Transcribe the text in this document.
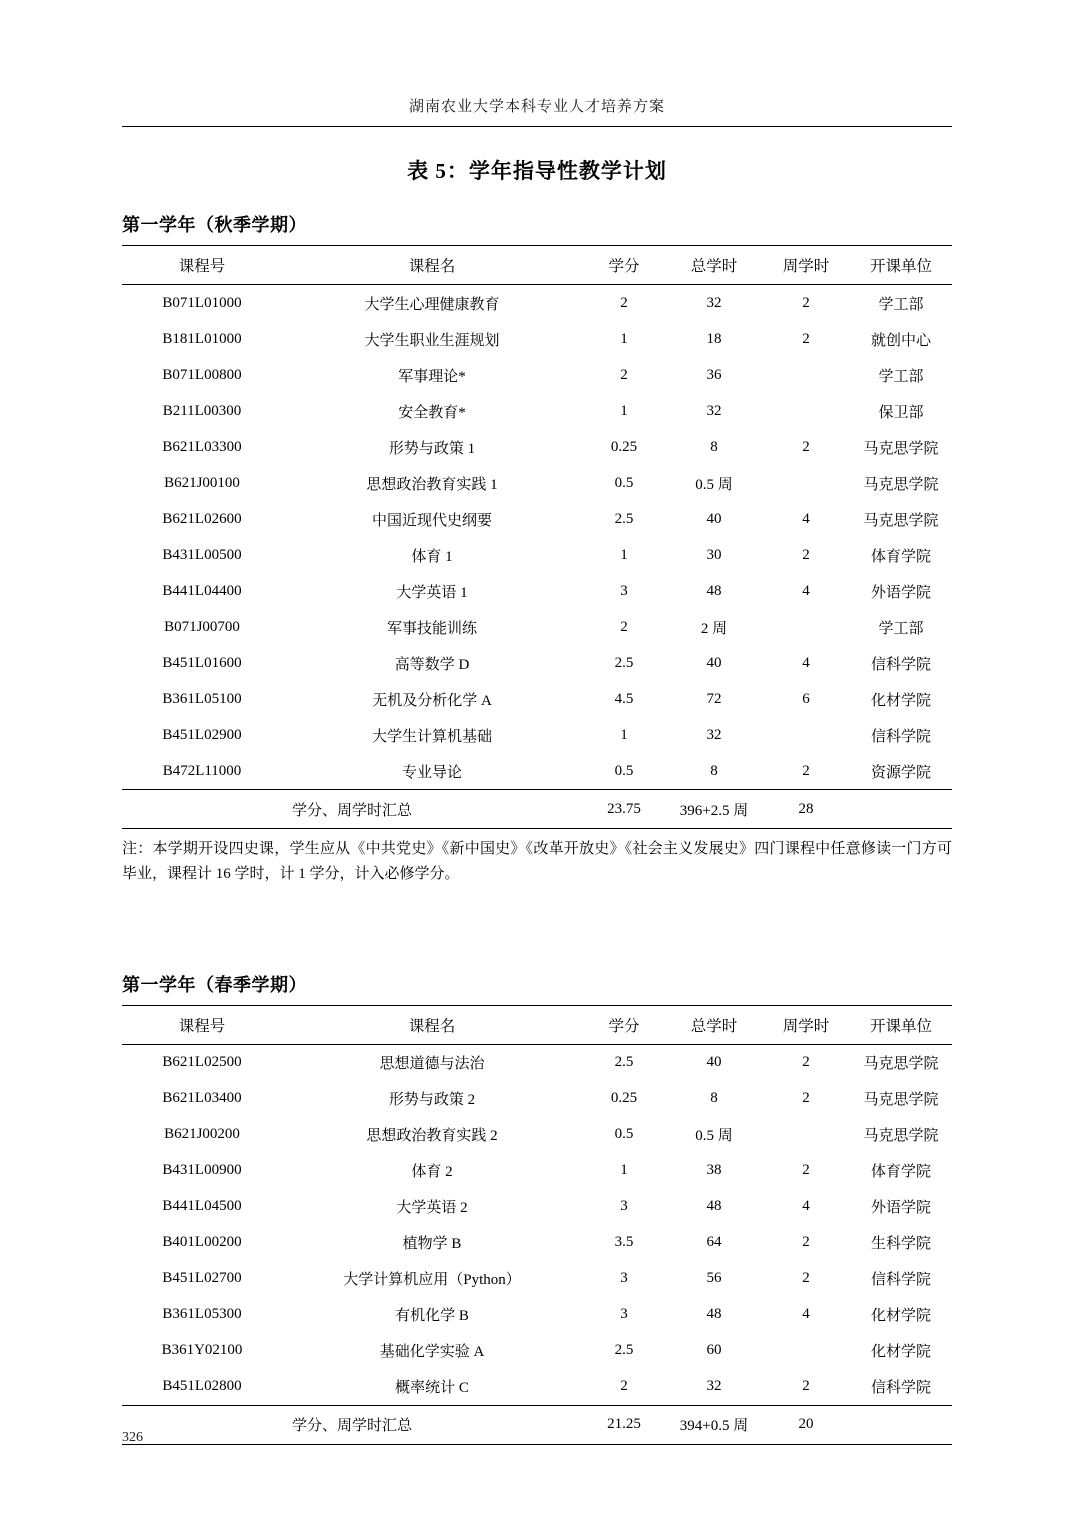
湖南农业大学本科专业人才培养方案
表 5：学年指导性教学计划
第一学年（秋季学期）
课程号	课程名	学分	总学时	周学时	开课单位
B071L01000	大学生心理健康教育	2	32	2	学工部
B181L01000	大学生职业生涯规划	1	18	2	就创中心
B071L00800	军事理论*	2	36		学工部
B211L00300	安全教育*	1	32		保卫部
B621L03300	形势与政策 1	0.25	8	2	马克思学院
B621J00100	思想政治教育实践 1	0.5	0.5 周		马克思学院
B621L02600	中国近现代史纲要	2.5	40	4	马克思学院
B431L00500	体育 1	1	30	2	体育学院
B441L04400	大学英语 1	3	48	4	外语学院
B071J00700	军事技能训练	2	2 周		学工部
B451L01600	高等数学 D	2.5	40	4	信科学院
B361L05100	无机及分析化学 A	4.5	72	6	化材学院
B451L02900	大学生计算机基础	1	32		信科学院
B472L11000	专业导论	0.5	8	2	资源学院
学分、周学时汇总		23.75	396+2.5 周	28	
注：本学期开设四史课，学生应从《中共党史》《新中国史》《改革开放史》《社会主义发展史》四门课程中任意修读一门方可毕业，课程计 16 学时，计 1 学分，计入必修学分。
第一学年（春季学期）
课程号	课程名	学分	总学时	周学时	开课单位
B621L02500	思想道德与法治	2.5	40	2	马克思学院
B621L03400	形势与政策 2	0.25	8	2	马克思学院
B621J00200	思想政治教育实践 2	0.5	0.5 周		马克思学院
B431L00900	体育 2	1	38	2	体育学院
B441L04500	大学英语 2	3	48	4	外语学院
B401L00200	植物学 B	3.5	64	2	生科学院
B451L02700	大学计算机应用（Python）	3	56	2	信科学院
B361L05300	有机化学 B	3	48	4	化材学院
B361Y02100	基础化学实验 A	2.5	60		化材学院
B451L02800	概率统计 C	2	32	2	信科学院
学分、周学时汇总		21.25	394+0.5 周	20	
326
